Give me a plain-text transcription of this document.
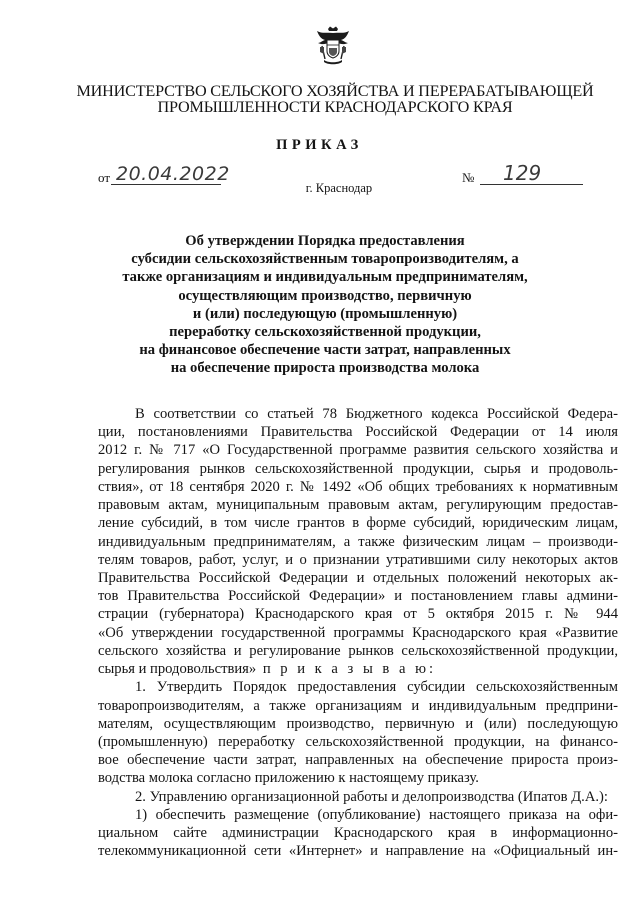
МИНИСТЕРСТВО СЕЛЬСКОГО ХОЗЯЙСТВА И ПЕРЕРАБАТЫВАЮЩЕЙ
ПРОМЫШЛЕННОСТИ КРАСНОДАРСКОГО КРАЯ
ПРИКАЗ
от 20.04.2022	№ 129
г. Краснодар
Об утверждении Порядка предоставления
субсидии сельскохозяйственным товаропроизводителям, а
также организациям и индивидуальным предпринимателям,
осуществляющим производство, первичную
и (или) последующую (промышленную)
переработку сельскохозяйственной продукции,
на финансовое обеспечение части затрат, направленных
на обеспечение прироста производства молока
В соответствии со статьей 78 Бюджетного кодекса Российской Федера-
ции, постановлениями Правительства Российской Федерации от 14 июля
2012 г. № 717 «О Государственной программе развития сельского хозяйства и
регулирования рынков сельскохозяйственной продукции, сырья и продоволь-
ствия», от 18 сентября 2020 г. № 1492 «Об общих требованиях к нормативным
правовым актам, муниципальным правовым актам, регулирующим предостав-
ление субсидий, в том числе грантов в форме субсидий, юридическим лицам,
индивидуальным предпринимателям, а также физическим лицам – производи-
телям товаров, работ, услуг, и о признании утратившими силу некоторых актов
Правительства Российской Федерации и отдельных положений некоторых ак-
тов Правительства Российской Федерации» и постановлением главы админи-
страции (губернатора) Краснодарского края от 5 октября 2015 г. № 944
«Об утверждении государственной программы Краснодарского края «Развитие
сельского хозяйства и регулирование рынков сельскохозяйственной продукции,
сырья и продовольствия» п р и к а з ы в а ю:
1. Утвердить Порядок предоставления субсидии сельскохозяйственным
товаропроизводителям, а также организациям и индивидуальным предприни-
мателям, осуществляющим производство, первичную и (или) последующую
(промышленную) переработку сельскохозяйственной продукции, на финансо-
вое обеспечение части затрат, направленных на обеспечение прироста произ-
водства молока согласно приложению к настоящему приказу.
2. Управлению организационной работы и делопроизводства (Ипатов Д.А.):
1) обеспечить размещение (опубликование) настоящего приказа на офи-
циальном сайте администрации Краснодарского края в информационно-
телекоммуникационной сети «Интернет» и направление на «Официальный ин-
